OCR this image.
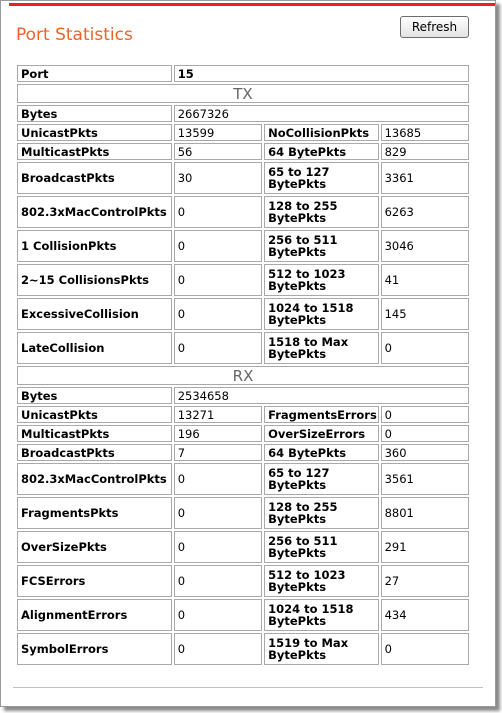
Port Statistics	Refresh
Port	15		
TX			
Bytes	2667326		
UnicastPkts	13599	NoCollisionPkts	13685
MulticastPkts	56	64 BytePkts	829
BroadcastPkts	30	65 to 127 BytePkts	3361
802.3xMacControlPkts	0	128 to 255 BytePkts	6263
1 CollisionPkts	0	256 to 511 BytePkts	3046
2~15 CollisionsPkts	0	512 to 1023 BytePkts	41
ExcessiveCollision	0	1024 to 1518 BytePkts	145
LateCollision	0	1518 to Max BytePkts	0
RX			
Bytes	2534658		
UnicastPkts	13271	FragmentsErrors	0
MulticastPkts	196	OverSizeErrors	0
BroadcastPkts	7	64 BytePkts	360
802.3xMacControlPkts	0	65 to 127 BytePkts	3561
FragmentsPkts	0	128 to 255 BytePkts	8801
OverSizePkts	0	256 to 511 BytePkts	291
FCSErrors	0	512 to 1023 BytePkts	27
AlignmentErrors	0	1024 to 1518 BytePkts	434
SymbolErrors	0	1519 to Max BytePkts	0
